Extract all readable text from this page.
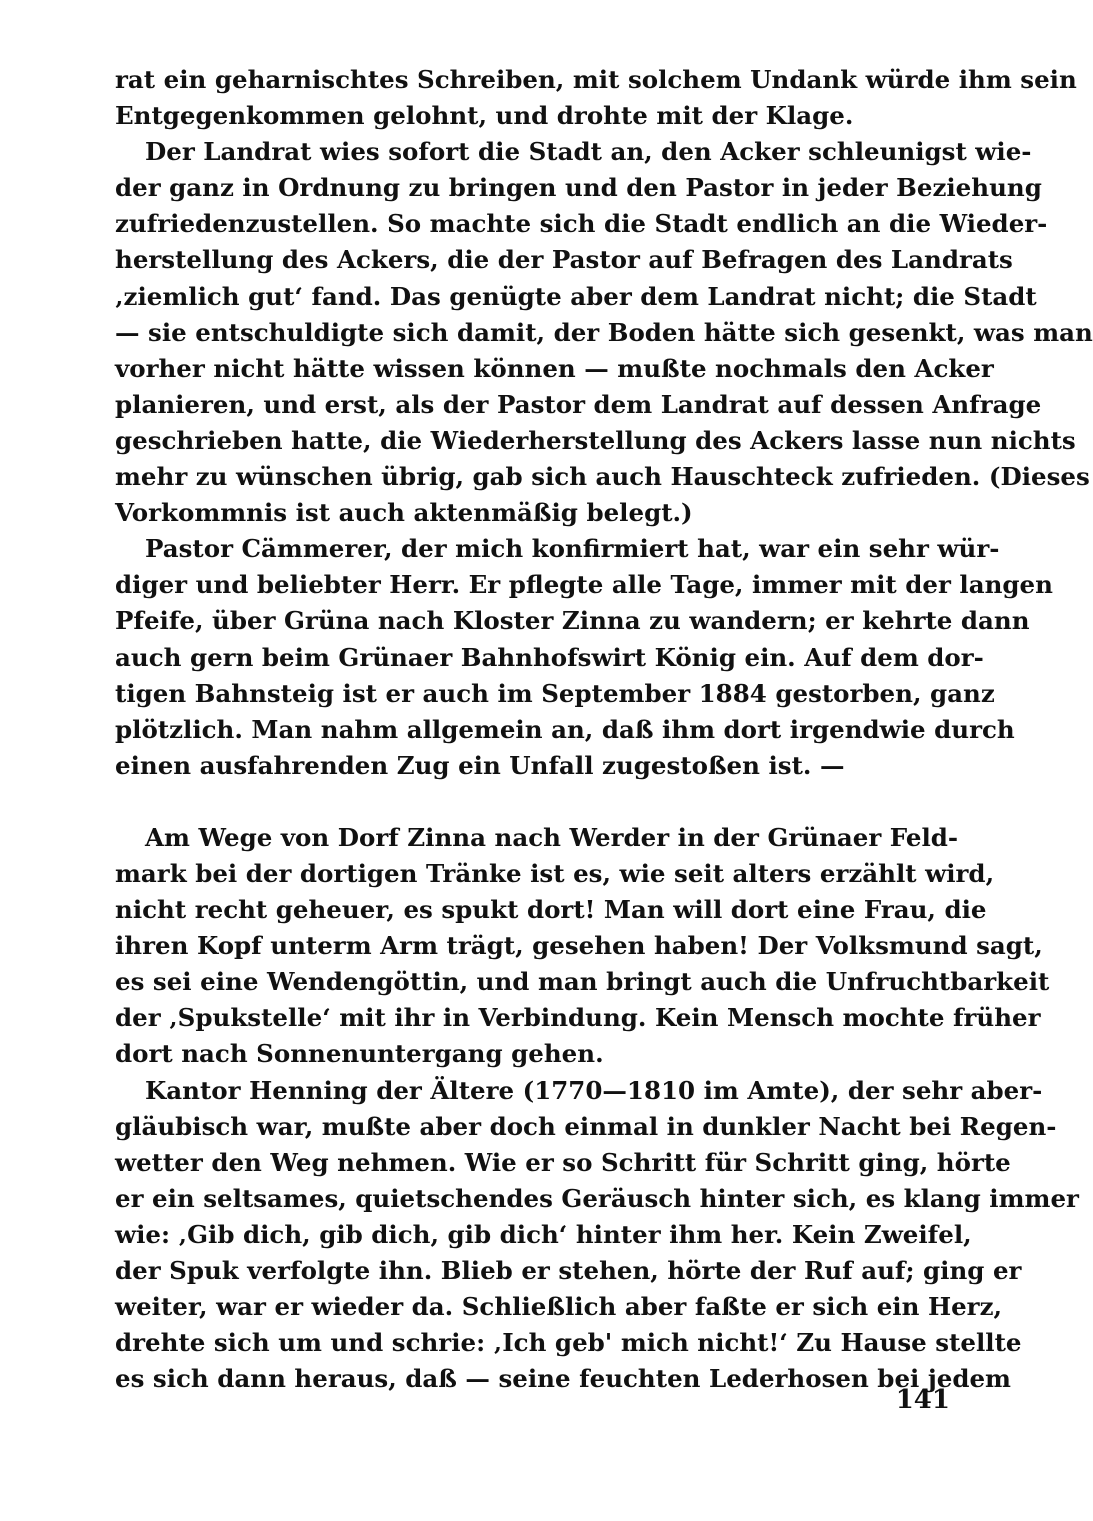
rat ein geharnischtes Schreiben, mit solchem Undank würde ihm sein
Entgegenkommen gelohnt, und drohte mit der Klage.
Der Landrat wies sofort die Stadt an, den Acker schleunigst wie-
der ganz in Ordnung zu bringen und den Pastor in jeder Beziehung
zufriedenzustellen. So machte sich die Stadt endlich an die Wieder-
herstellung des Ackers, die der Pastor auf Befragen des Landrats
‚ziemlich gut‘ fand. Das genügte aber dem Landrat nicht; die Stadt
— sie entschuldigte sich damit, der Boden hätte sich gesenkt, was man
vorher nicht hätte wissen können — mußte nochmals den Acker
planieren, und erst, als der Pastor dem Landrat auf dessen Anfrage
geschrieben hatte, die Wiederherstellung des Ackers lasse nun nichts
mehr zu wünschen übrig, gab sich auch Hauschteck zufrieden. (Dieses
Vorkommnis ist auch aktenmäßig belegt.)
Pastor Cämmerer, der mich konfirmiert hat, war ein sehr wür-
diger und beliebter Herr. Er pflegte alle Tage, immer mit der langen
Pfeife, über Grüna nach Kloster Zinna zu wandern; er kehrte dann
auch gern beim Grünaer Bahnhofswirt König ein. Auf dem dor-
tigen Bahnsteig ist er auch im September 1884 gestorben, ganz
plötzlich. Man nahm allgemein an, daß ihm dort irgendwie durch
einen ausfahrenden Zug ein Unfall zugestoßen ist. —
Am Wege von Dorf Zinna nach Werder in der Grünaer Feld-
mark bei der dortigen Tränke ist es, wie seit alters erzählt wird,
nicht recht geheuer, es spukt dort! Man will dort eine Frau, die
ihren Kopf unterm Arm trägt, gesehen haben! Der Volksmund sagt,
es sei eine Wendengöttin, und man bringt auch die Unfruchtbarkeit
der ‚Spukstelle‘ mit ihr in Verbindung. Kein Mensch mochte früher
dort nach Sonnenuntergang gehen.
Kantor Henning der Ältere (1770—1810 im Amte), der sehr aber-
gläubisch war, mußte aber doch einmal in dunkler Nacht bei Regen-
wetter den Weg nehmen. Wie er so Schritt für Schritt ging, hörte
er ein seltsames, quietschendes Geräusch hinter sich, es klang immer
wie: ‚Gib dich, gib dich, gib dich‘ hinter ihm her. Kein Zweifel,
der Spuk verfolgte ihn. Blieb er stehen, hörte der Ruf auf; ging er
weiter, war er wieder da. Schließlich aber faßte er sich ein Herz,
drehte sich um und schrie: ‚Ich geb' mich nicht!‘ Zu Hause stellte
es sich dann heraus, daß — seine feuchten Lederhosen bei jedem
141
